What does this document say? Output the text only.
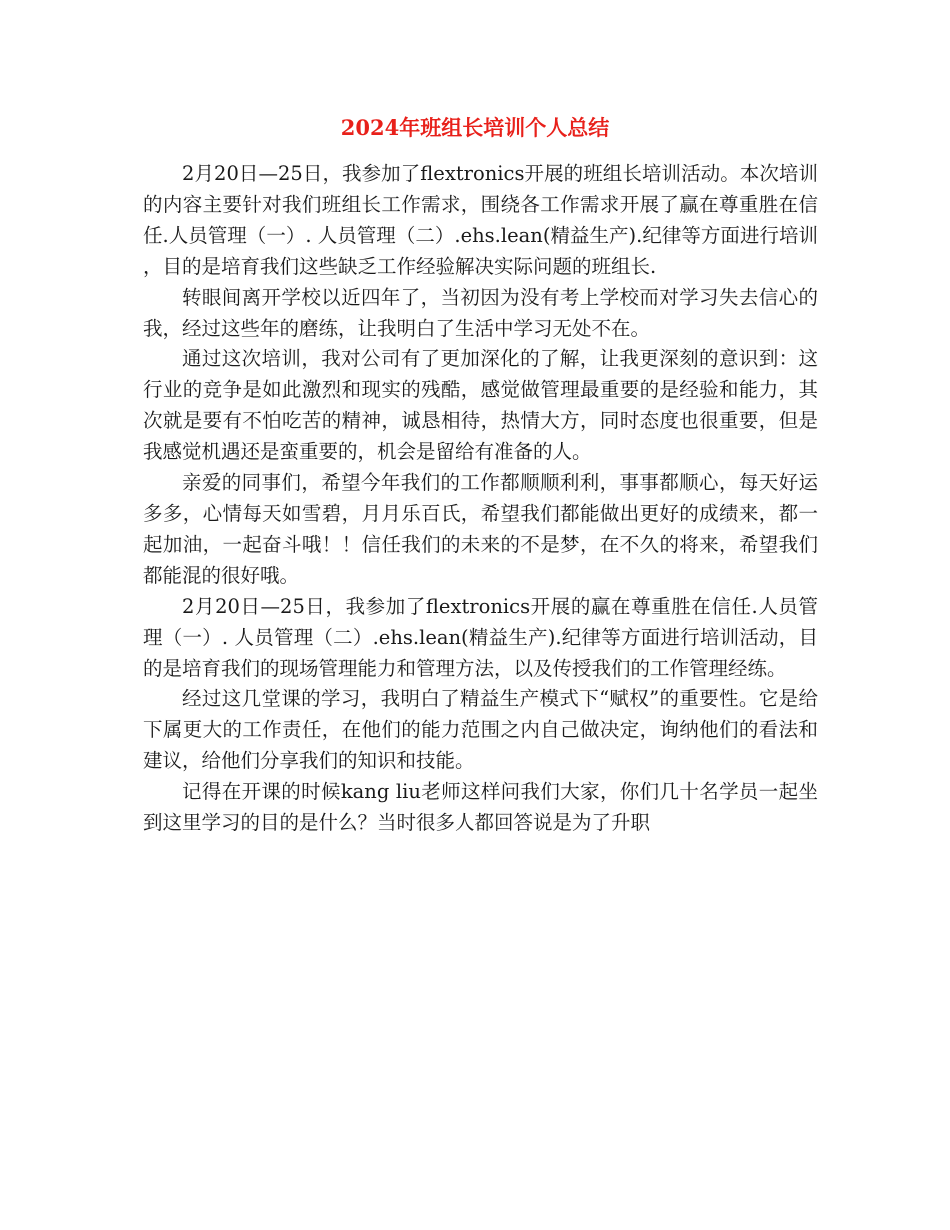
2024年班组长培训个人总结

2月20日—25日，我参加了flextronics开展的班组长培训活动。本次培训的内容主要针对我们班组长工作需求，围绕各工作需求开展了赢在尊重胜在信任.人员管理（一）. 人员管理（二）.ehs.lean(精益生产).纪律等方面进行培训，目的是培育我们这些缺乏工作经验解决实际问题的班组长.

转眼间离开学校以近四年了，当初因为没有考上学校而对学习失去信心的我，经过这些年的磨练，让我明白了生活中学习无处不在。

通过这次培训，我对公司有了更加深化的了解，让我更深刻的意识到：这行业的竞争是如此激烈和现实的残酷，感觉做管理最重要的是经验和能力，其次就是要有不怕吃苦的精神，诚恳相待，热情大方，同时态度也很重要，但是我感觉机遇还是蛮重要的，机会是留给有准备的人。

亲爱的同事们，希望今年我们的工作都顺顺利利，事事都顺心，每天好运多多，心情每天如雪碧，月月乐百氏，希望我们都能做出更好的成绩来，都一起加油，一起奋斗哦！！信任我们的未来的不是梦，在不久的将来，希望我们都能混的很好哦。

2月20日—25日，我参加了flextronics开展的赢在尊重胜在信任.人员管理（一）. 人员管理（二）.ehs.lean(精益生产).纪律等方面进行培训活动，目的是培育我们的现场管理能力和管理方法，以及传授我们的工作管理经练。

经过这几堂课的学习，我明白了精益生产模式下“赋权”的重要性。它是给下属更大的工作责任，在他们的能力范围之内自己做决定，询纳他们的看法和建议，给他们分享我们的知识和技能。

记得在开课的时候kang liu老师这样问我们大家，你们几十名学员一起坐到这里学习的目的是什么？当时很多人都回答说是为了升职
